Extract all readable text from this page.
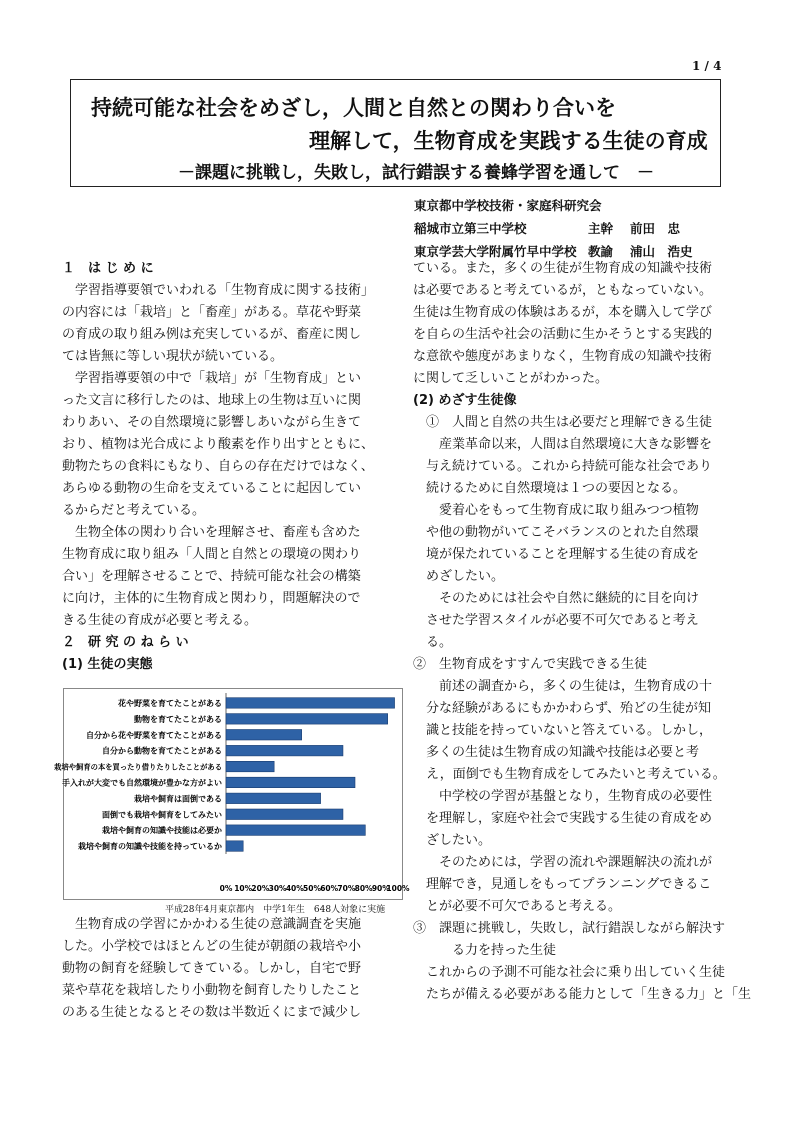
1 / 4
持続可能な社会をめざし，人間と自然との関わり合いを
理解して，生物育成を実践する生徒の育成
－課題に挑戦し，失敗し，試行錯誤する養蜂学習を通して　－
東京都中学校技術・家庭科研究会
稲城市立第三中学校	主幹 前田　忠
東京学芸大学附属竹早中学校 教諭 浦山　浩史

１　は じ め に

　学習指導要領でいわれる「生物育成に関する技術」

の内容には「栽培」と「畜産」がある。草花や野菜

の育成の取り組み例は充実しているが、畜産に関し

ては皆無に等しい現状が続いている。

　学習指導要領の中で「栽培」が「生物育成」とい

った文言に移行したのは、地球上の生物は互いに関

わりあい、その自然環境に影響しあいながら生きて

おり、植物は光合成により酸素を作り出すとともに、

動物たちの食料にもなり、自らの存在だけではなく、

あらゆる動物の生命を支えていることに起因してい

るからだと考えている。

　生物全体の関わり合いを理解させ、畜産も含めた

生物育成に取り組み「人間と自然との環境の関わり

合い」を理解させることで、持続可能な社会の構築

に向け，主体的に生物育成と関わり，問題解決ので

きる生徒の育成が必要と考える。

２　研 究 の ね ら い

(1) 生徒の実態

花や野菜を育てたことがある
動物を育てたことがある
自分から花や野菜を育てたことがある
自分から動物を育てたことがある
栽培や飼育の本を買ったり借りたりしたことがある
手入れが大変でも自然環境が豊かな方がよい
栽培や飼育は面倒である
面倒でも栽培や飼育をしてみたい
栽培や飼育の知識や技能は必要か
栽培や飼育の知識や技能を持っているか
0% 10% 20% 30% 40% 50% 60% 70% 80% 90%
100%
平成28年4月東京都内　中学1年生　648人対象に実施

　生物育成の学習にかかわる生徒の意識調査を実施

した。小学校ではほとんどの生徒が朝顔の栽培や小

動物の飼育を経験してきている。しかし，自宅で野

菜や草花を栽培したり小動物を飼育したりしたこと

のある生徒となるとその数は半数近くにまで減少し

ている。また，多くの生徒が生物育成の知識や技術

は必要であると考えているが，ともなっていない。

生徒は生物育成の体験はあるが，本を購入して学び

を自らの生活や社会の活動に生かそうとする実践的

な意欲や態度があまりなく，生物育成の知識や技術

に関して乏しいことがわかった。

(2) めざす生徒像

　①　人間と自然の共生は必要だと理解できる生徒

　　産業革命以来，人間は自然環境に大きな影響を

　与え続けている。これから持続可能な社会であり

　続けるために自然環境は１つの要因となる。

　　愛着心をもって生物育成に取り組みつつ植物

　や他の動物がいてこそバランスのとれた自然環

　境が保たれていることを理解する生徒の育成を

　めざしたい。

　　そのためには社会や自然に継続的に目を向け

　させた学習スタイルが必要不可欠であると考え

　る。

②　生物育成をすすんで実践できる生徒

　　前述の調査から，多くの生徒は，生物育成の十

　分な経験があるにもかかわらず、殆どの生徒が知

　識と技能を持っていないと答えている。しかし，

　多くの生徒は生物育成の知識や技能は必要と考

　え，面倒でも生物育成をしてみたいと考えている。

　　中学校の学習が基盤となり，生物育成の必要性

　を理解し，家庭や社会で実践する生徒の育成をめ

　ざしたい。

　　そのためには，学習の流れや課題解決の流れが

　理解でき，見通しをもってプランニングできるこ

　とが必要不可欠であると考える。

③　課題に挑戦し，失敗し，試行錯誤しながら解決す

　　　る力を持った生徒

　これからの予測不可能な社会に乗り出していく生徒

　たちが備える必要がある能力として「生きる力」と「生
